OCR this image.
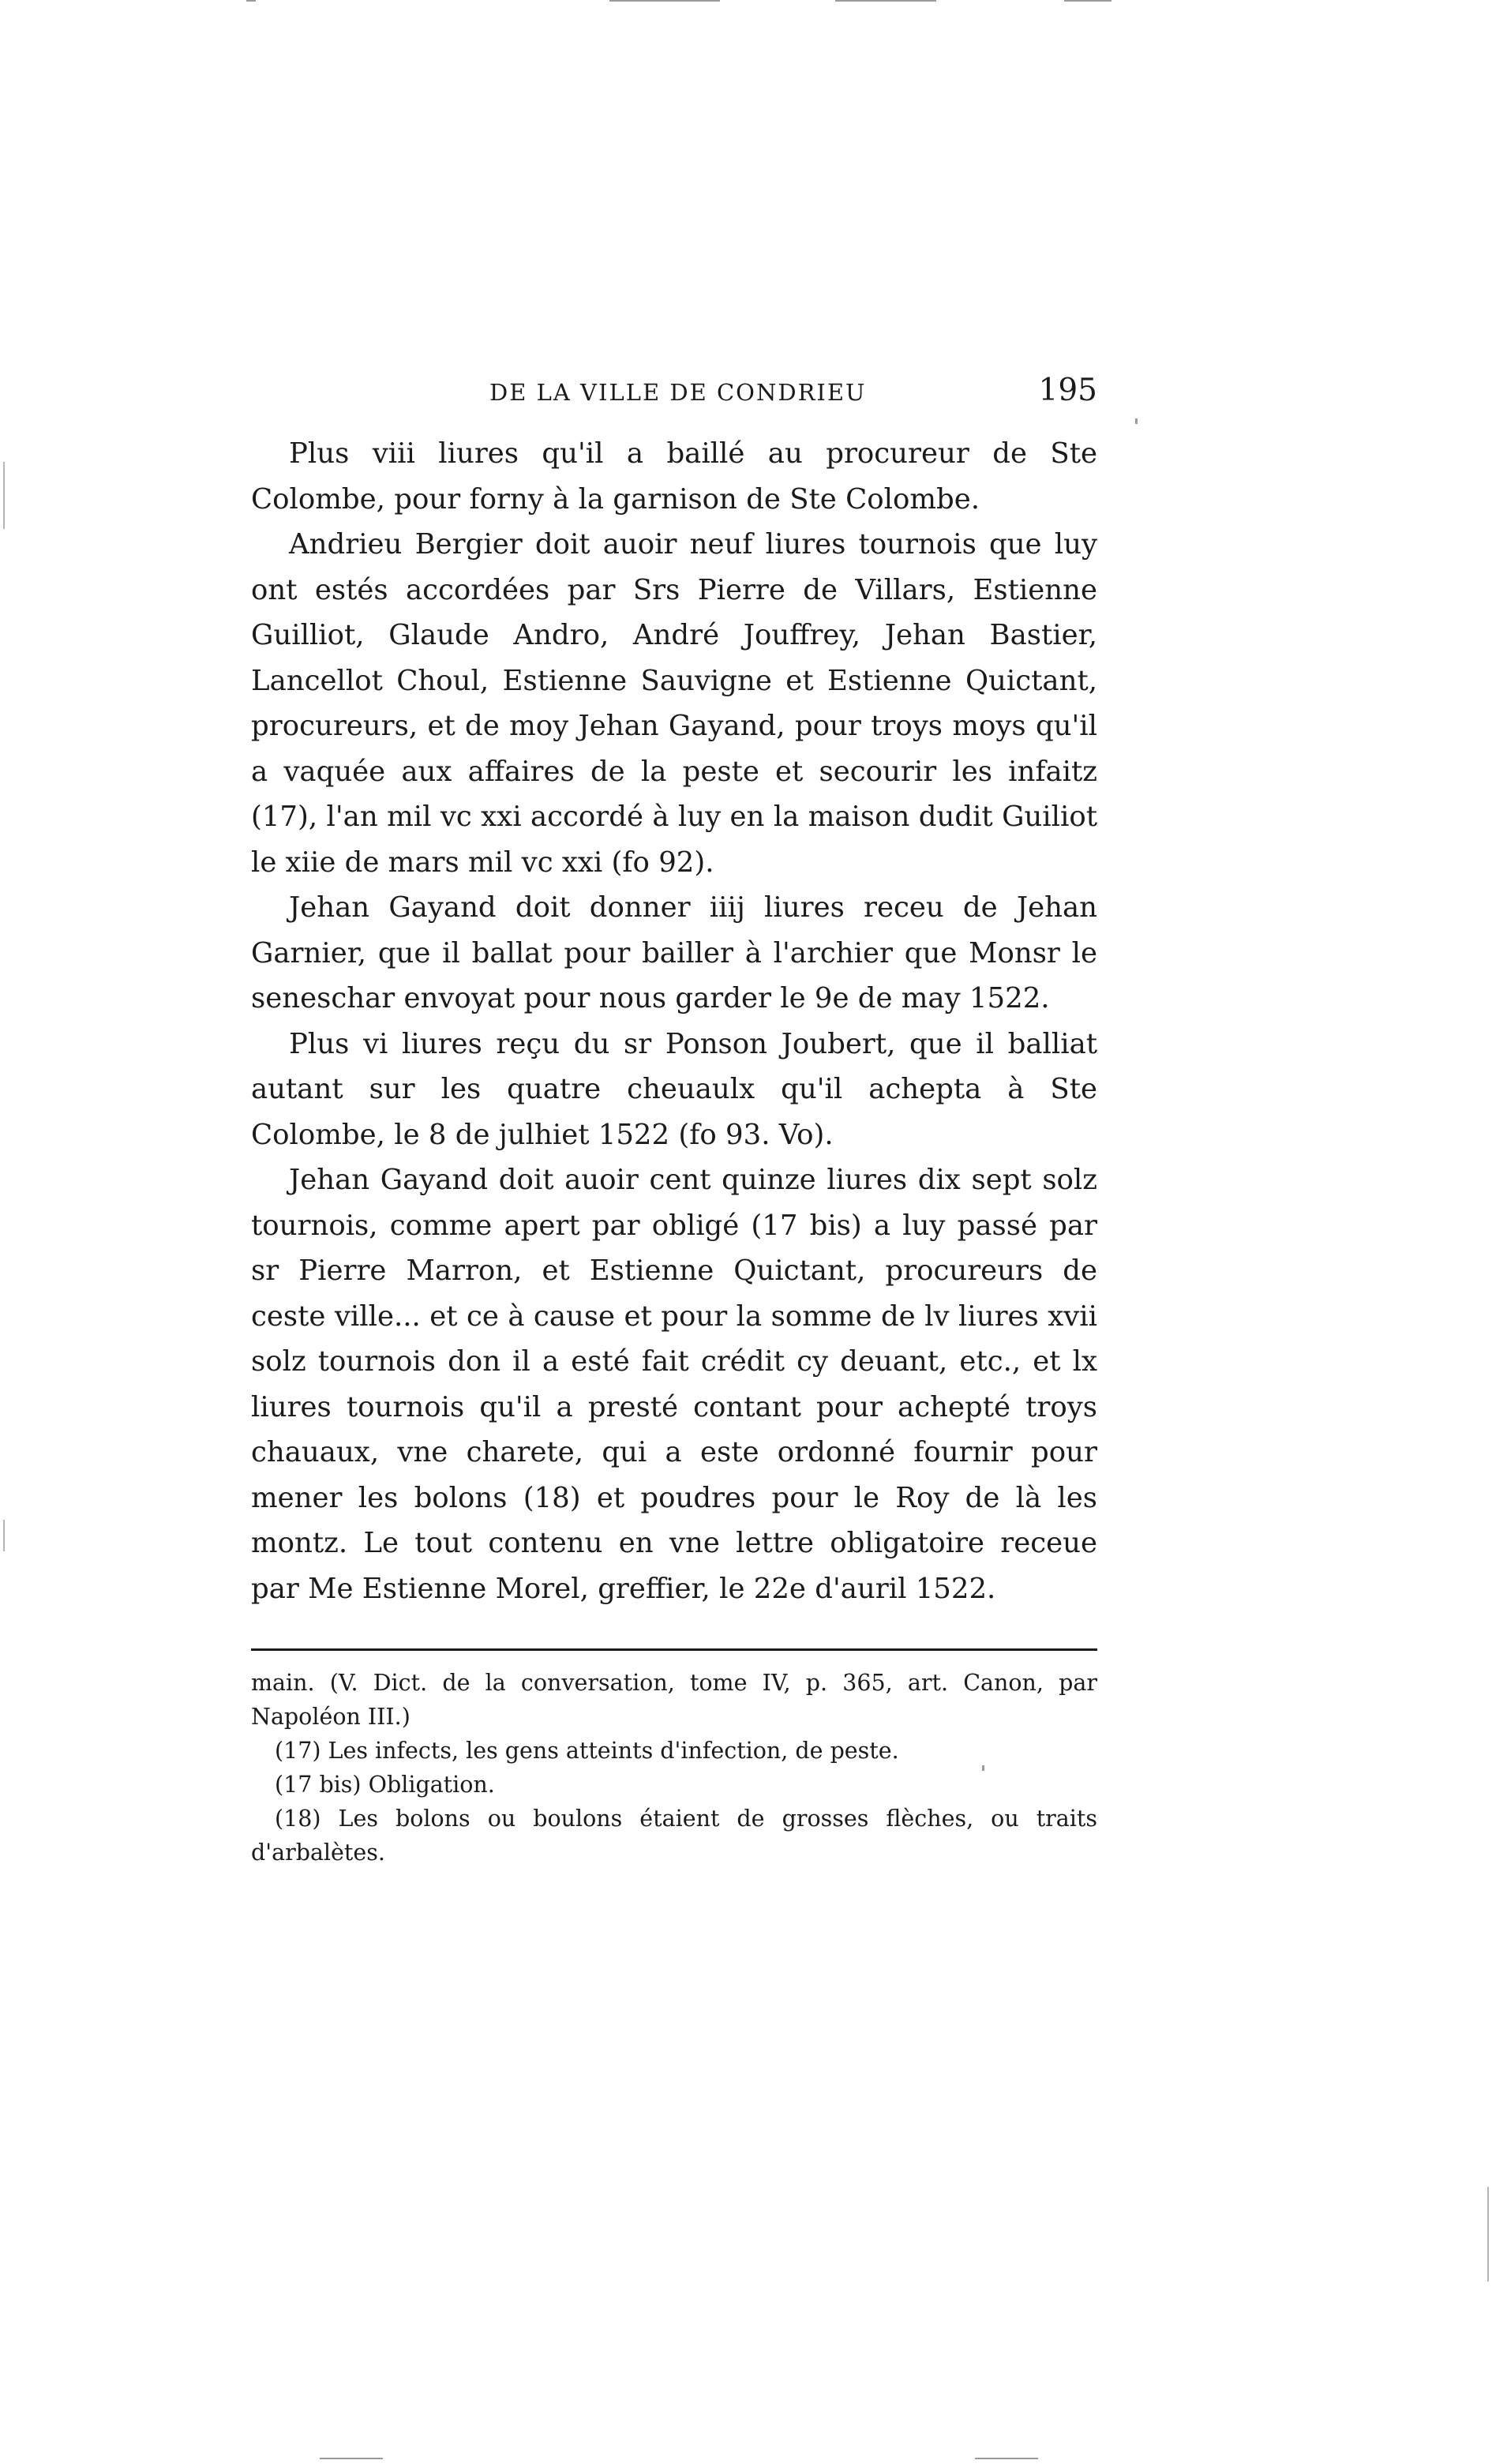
DE LA VILLE DE CONDRIEU	195

Plus viii liures qu'il a baillé au procureur de Ste Colombe, pour forny à la garnison de Ste Colombe.

Andrieu Bergier doit auoir neuf liures tournois que luy ont estés accordées par Srs Pierre de Villars, Estienne Guilliot, Glaude Andro, André Jouffrey, Jehan Bastier, Lancellot Choul, Estienne Sauvigne et Estienne Quictant, procureurs, et de moy Jehan Gayand, pour troys moys qu'il a vaquée aux affaires de la peste et secourir les infaitz (17), l'an mil vc xxi accordé à luy en la maison dudit Guiliot le xiie de mars mil vc xxi (fo 92).

Jehan Gayand doit donner iiij liures receu de Jehan Garnier, que il ballat pour bailler à l'archier que Monsr le seneschar envoyat pour nous garder le 9e de may 1522.

Plus vi liures reçu du sr Ponson Joubert, que il balliat autant sur les quatre cheuaulx qu'il achepta à Ste Colombe, le 8 de julhiet 1522 (fo 93. Vo).

Jehan Gayand doit auoir cent quinze liures dix sept solz tournois, comme apert par obligé (17 bis) a luy passé par sr Pierre Marron, et Estienne Quictant, procureurs de ceste ville... et ce à cause et pour la somme de lv liures xvii solz tournois don il a esté fait crédit cy deuant, etc., et lx liures tournois qu'il a presté contant pour achepté troys chauaux, vne charete, qui a este ordonné fournir pour mener les bolons (18) et poudres pour le Roy de là les montz. Le tout contenu en vne lettre obligatoire receue par Me Estienne Morel, greffier, le 22e d'auril 1522.

main. (V. Dict. de la conversation, tome IV, p. 365, art. Canon, par Napoléon III.)

(17) Les infects, les gens atteints d'infection, de peste.

(17 bis) Obligation.

(18) Les bolons ou boulons étaient de grosses flèches, ou traits d'arbalètes.
